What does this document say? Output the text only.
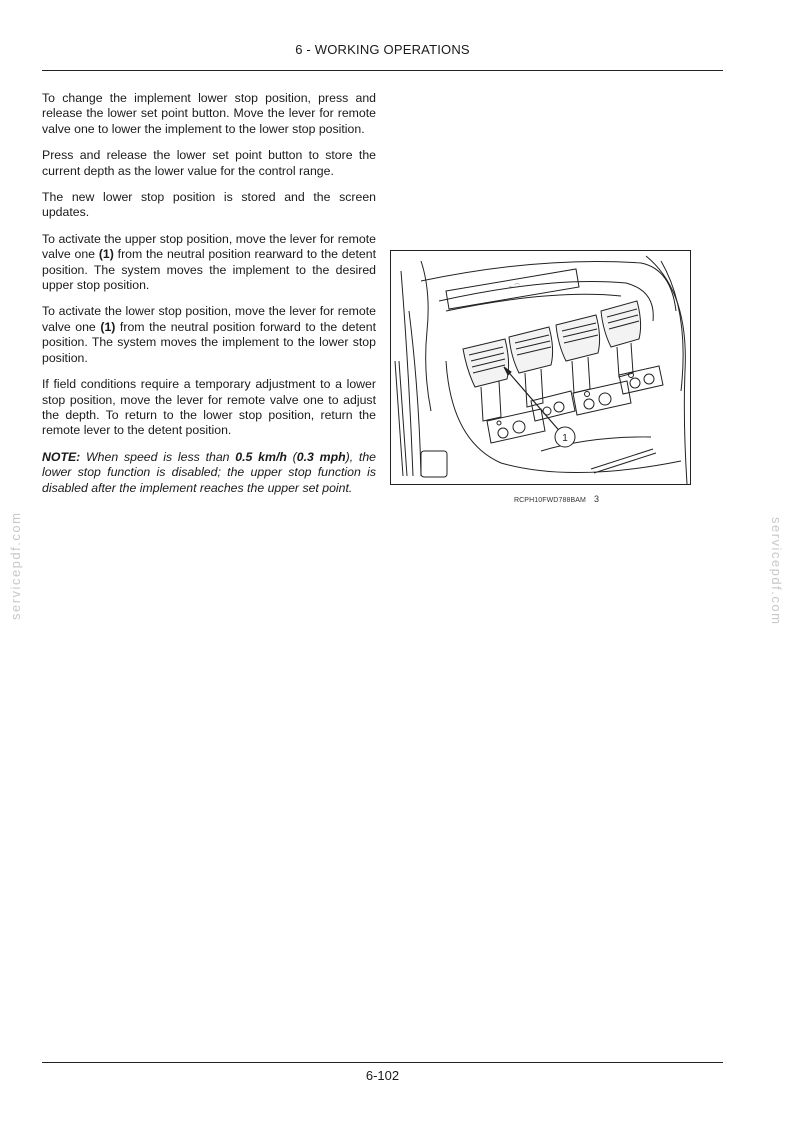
6 - WORKING OPERATIONS

To change the implement lower stop position, press and release the lower set point button. Move the lever for remote valve one to lower the implement to the lower stop position.

Press and release the lower set point button to store the current depth as the lower value for the control range.

The new lower stop position is stored and the screen updates.

To activate the upper stop position, move the lever for remote valve one (1) from the neutral position rearward to the detent position. The system moves the implement to the desired upper stop position.

To activate the lower stop position, move the lever for remote valve one (1) from the neutral position forward to the detent position. The system moves the implement to the lower stop position.

If field conditions require a temporary adjustment to a lower stop position, move the lever for remote valve one to adjust the depth. To return to the lower stop position, return the remote lever to the detent position.

NOTE: When speed is less than 0.5 km/h (0.3 mph), the lower stop function is disabled; the upper stop function is disabled after the implement reaches the upper set point.

~ ⌒
1
RCPH10FWD788BAM 3
servicepdf.com	servicepdf.com
6-102
